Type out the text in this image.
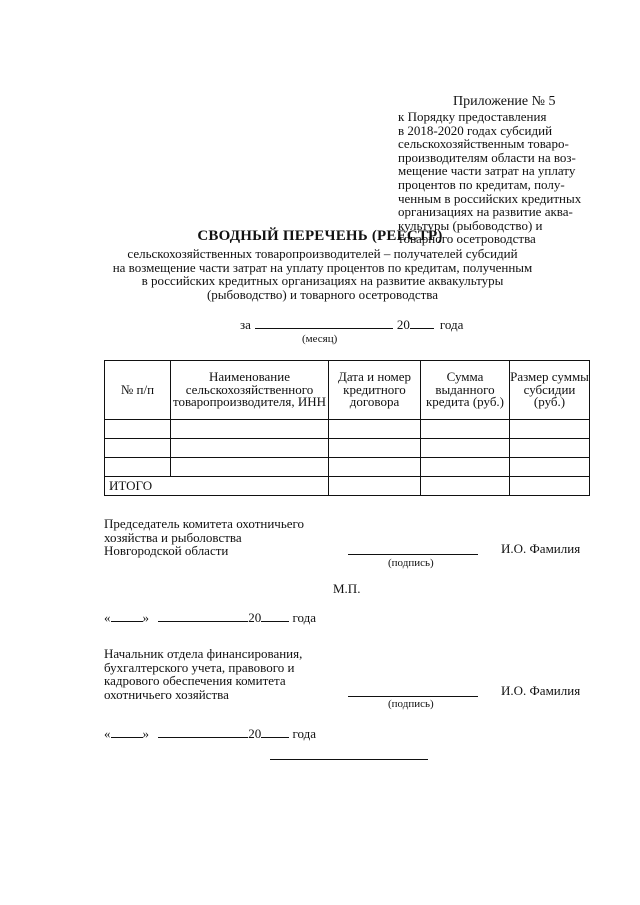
Приложение № 5
к Порядку предоставления
в 2018-2020 годах субсидий
сельскохозяйственным товаро-
производителям области на воз-
мещение части затрат на уплату
процентов по кредитам, полу-
ченным в российских кредитных
организациях на развитие аква-
культуры (рыбоводство) и
товарного осетроводства
СВОДНЫЙ ПЕРЕЧЕНЬ (РЕЕСТР)
сельскохозяйственных товаропроизводителей – получателей субсидий
на возмещение части затрат на уплату процентов по кредитам, полученным
в российских кредитных организациях на развитие аквакультуры
(рыбоводство) и товарного осетроводства
за	20 года
(месяц)
№ п/п	Наименование сельскохозяйственного товаропроизводителя, ИНН	Дата и номер кредитного договора	Сумма выданного кредита (руб.)	Размер суммы субсидии (руб.)

ИТОГО				
Председатель комитета охотничьего
хозяйства и рыболовства
Новгородской области
(подпись)
И.О. Фамилия
М.П.
« »	20 года
Начальник отдела финансирования,
бухгалтерского учета, правового и
кадрового обеспечения комитета
охотничьего хозяйства
(подпись)
И.О. Фамилия
« »	20 года
